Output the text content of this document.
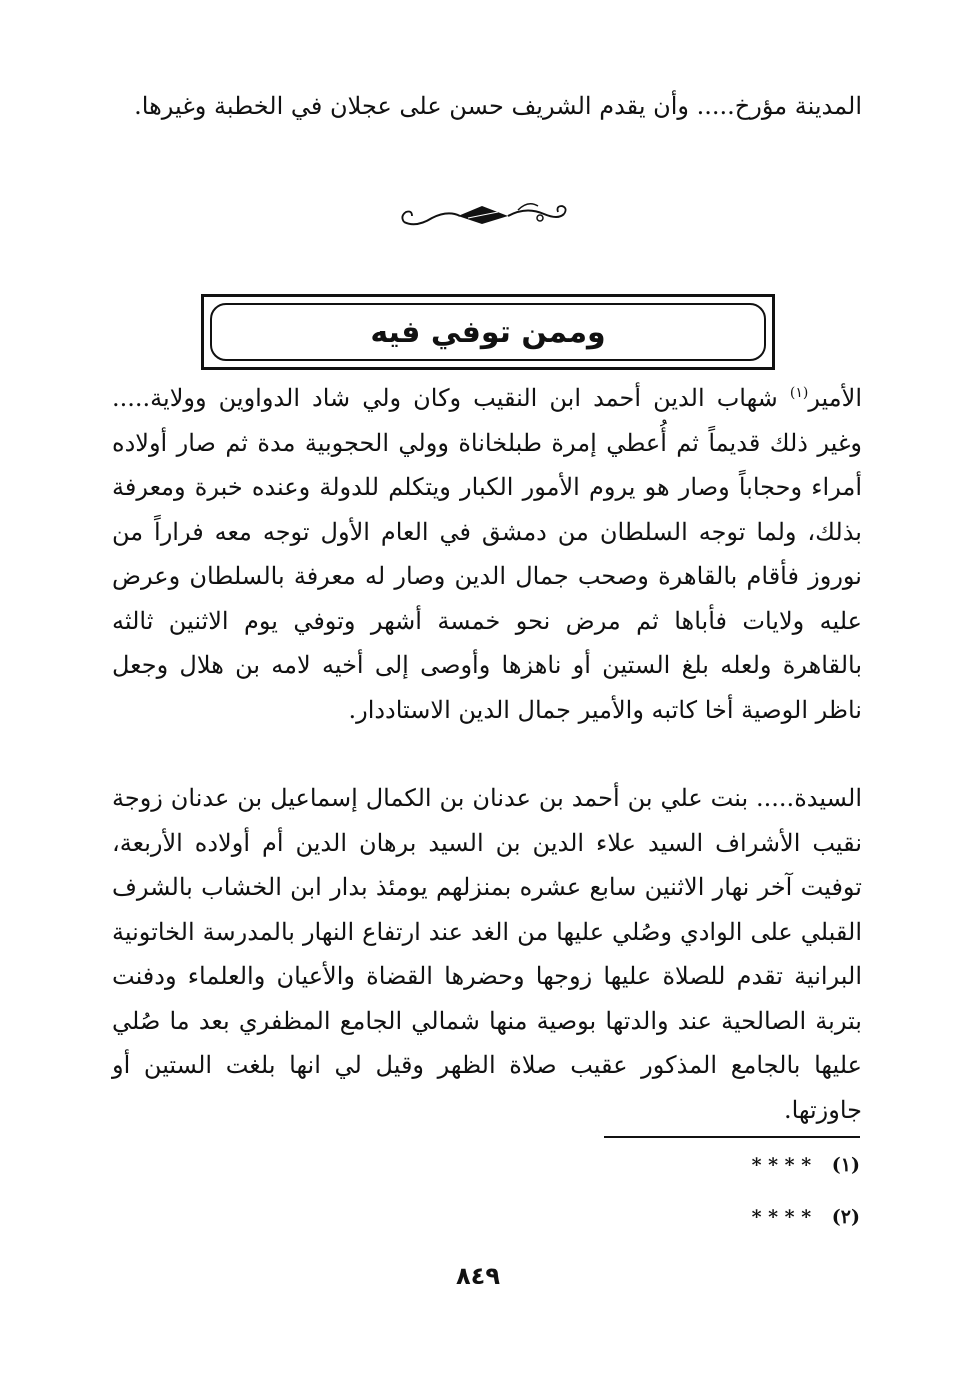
المدينة مؤرخ..... وأن يقدم الشريف حسن على عجلان في الخطبة وغيرها.

وممن توفي فيه

الأمير$^{(١)}$ شهاب الدين أحمد ابن النقيب وكان ولي شاد الدواوين وولاية..... وغير ذلك قديماً ثم أُعطي إمرة طبلخاناة وولي الحجوبية مدة ثم صار أولاده أمراء وحجاباً وصار هو يروم الأمور الكبار ويتكلم للدولة وعنده خبرة ومعرفة بذلك، ولما توجه السلطان من دمشق في العام الأول توجه معه فراراً من نوروز فأقام بالقاهرة وصحب جمال الدين وصار له معرفة بالسلطان وعرض عليه ولايات فأباها ثم مرض نحو خمسة أشهر وتوفي يوم الاثنين ثالثه بالقاهرة ولعله بلغ الستين أو ناهزها وأوصى إلى أخيه لامه بن هلال وجعل ناظر الوصية أخا كاتبه والأمير جمال الدين الاستاددار.

السيدة..... بنت علي بن أحمد بن عدنان بن الكمال إسماعيل بن عدنان زوجة نقيب الأشراف السيد علاء الدين بن السيد برهان الدين أم أولاده الأربعة، توفيت آخر نهار الاثنين سابع عشره بمنزلهم يومئذ بدار ابن الخشاب بالشرف القبلي على الوادي وصُلي عليها من الغد عند ارتفاع النهار بالمدرسة الخاتونية البرانية تقدم للصلاة عليها زوجها وحضرها القضاة والأعيان والعلماء ودفنت بتربة الصالحية عند والدتها بوصية منها شمالي الجامع المظفري بعد ما صُلي عليها بالجامع المذكور عقيب صلاة الظهر وقيل لي انها بلغت الستين أو جاوزتها.

(١) * * * *
(٢) * * * *
٨٤٩
